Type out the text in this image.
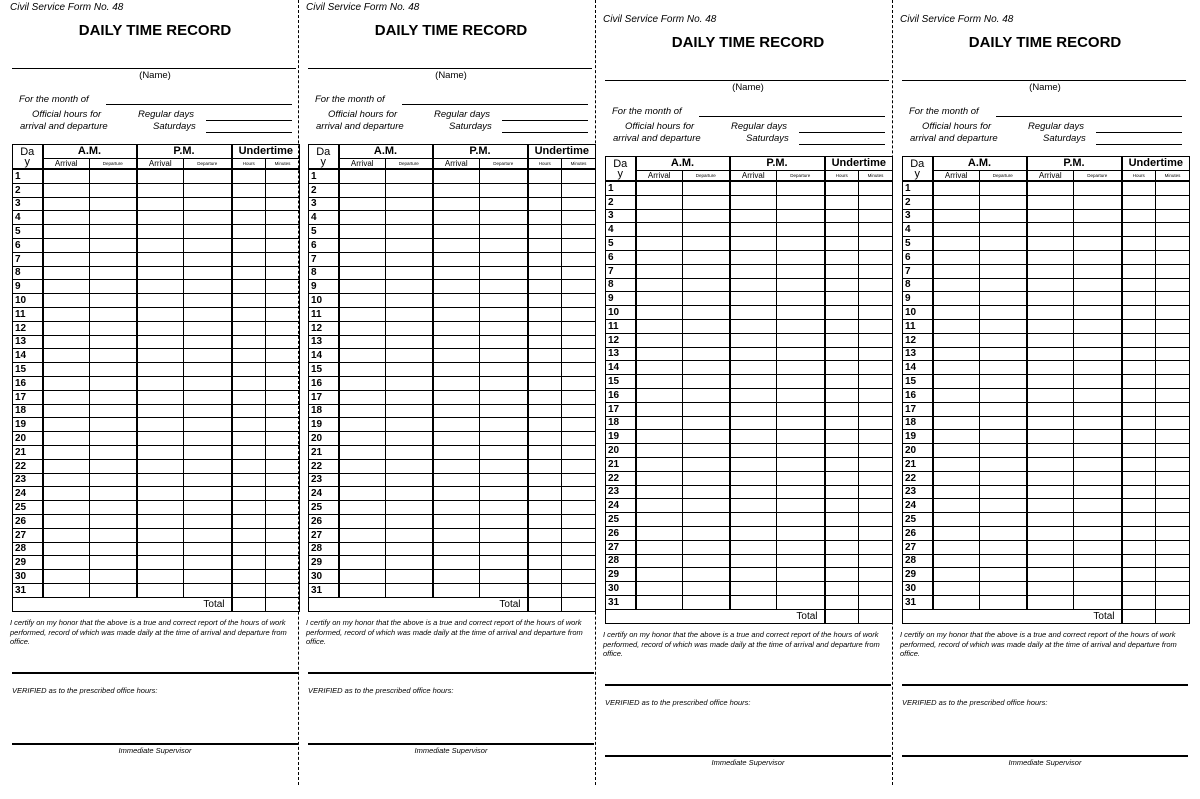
Civil Service Form No. 48
DAILY TIME RECORD
(Name)
For the month of
Official hours for
arrival and departure
Regular days
Saturdays
Da
y	A.M.		P.M.		Undertime	
	Arrival	Departure	Arrival	Departure	Hours	Minutes
1						
2						
3						
4						
5						
6						
7						
8						
9						
10						
11						
12						
13						
14						
15						
16						
17						
18						
19						
20						
21						
22						
23						
24						
25						
26						
27						
28						
29						
30						
31						
	Total					
I certify on my honor that the above is a true and correct report of the hours of work performed, record of which was made daily at the time of arrival and departure from office.
VERIFIED as to the prescribed office hours:
Immediate Supervisor
Civil Service Form No. 48
DAILY TIME RECORD
(Name)
For the month of
Official hours for
arrival and departure
Regular days
Saturdays
Da
y	A.M.		P.M.		Undertime	
	Arrival	Departure	Arrival	Departure	Hours	Minutes
1						
2						
3						
4						
5						
6						
7						
8						
9						
10						
11						
12						
13						
14						
15						
16						
17						
18						
19						
20						
21						
22						
23						
24						
25						
26						
27						
28						
29						
30						
31						
	Total					
I certify on my honor that the above is a true and correct report of the hours of work performed, record of which was made daily at the time of arrival and departure from office.
VERIFIED as to the prescribed office hours:
Immediate Supervisor
Civil Service Form No. 48
DAILY TIME RECORD
(Name)
For the month of
Official hours for
arrival and departure
Regular days
Saturdays
Da
y	A.M.		P.M.		Undertime	
	Arrival	Departure	Arrival	Departure	Hours	Minutes
1						
2						
3						
4						
5						
6						
7						
8						
9						
10						
11						
12						
13						
14						
15						
16						
17						
18						
19						
20						
21						
22						
23						
24						
25						
26						
27						
28						
29						
30						
31						
	Total					
I certify on my honor that the above is a true and correct report of the hours of work performed, record of which was made daily at the time of arrival and departure from office.
VERIFIED as to the prescribed office hours:
Immediate Supervisor
Civil Service Form No. 48
DAILY TIME RECORD
(Name)
For the month of
Official hours for
arrival and departure
Regular days
Saturdays
Da
y	A.M.		P.M.		Undertime	
	Arrival	Departure	Arrival	Departure	Hours	Minutes
1						
2						
3						
4						
5						
6						
7						
8						
9						
10						
11						
12						
13						
14						
15						
16						
17						
18						
19						
20						
21						
22						
23						
24						
25						
26						
27						
28						
29						
30						
31						
	Total					
I certify on my honor that the above is a true and correct report of the hours of work performed, record of which was made daily at the time of arrival and departure from office.
VERIFIED as to the prescribed office hours:
Immediate Supervisor
